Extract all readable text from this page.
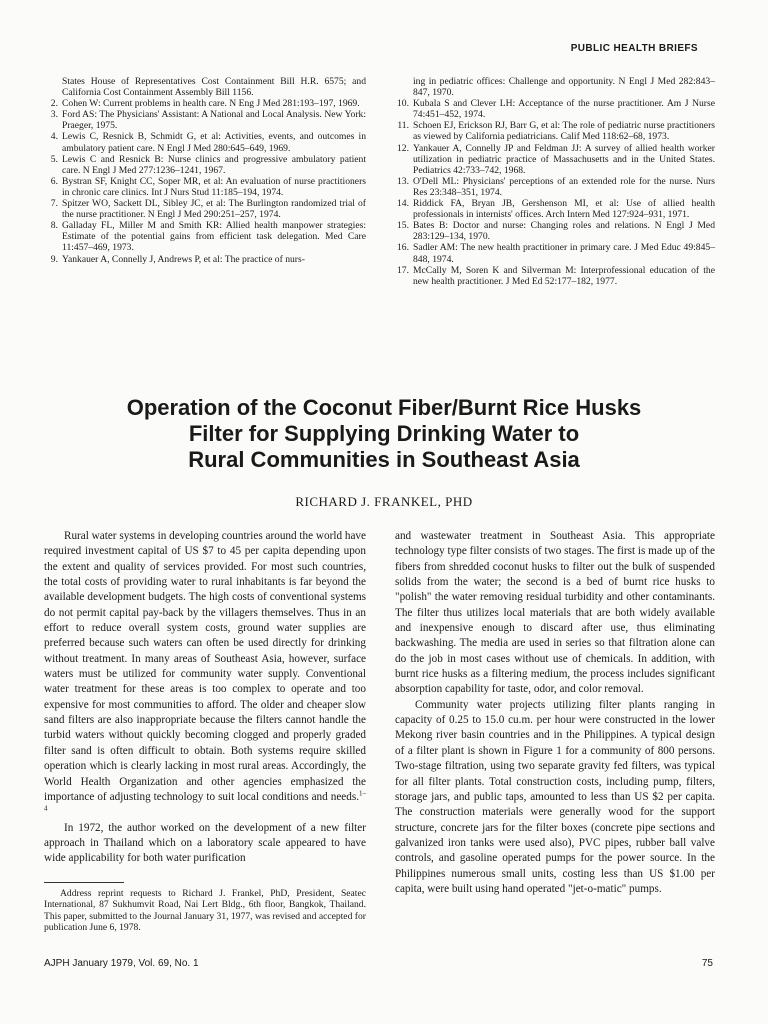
PUBLIC HEALTH BRIEFS
States House of Representatives Cost Containment Bill H.R. 6575; and California Cost Containment Assembly Bill 1156.
2. Cohen W: Current problems in health care. N Eng J Med 281:193–197, 1969.
3. Ford AS: The Physicians' Assistant: A National and Local Analysis. New York: Praeger, 1975.
4. Lewis C, Resnick B, Schmidt G, et al: Activities, events, and outcomes in ambulatory patient care. N Engl J Med 280:645–649, 1969.
5. Lewis C and Resnick B: Nurse clinics and progressive ambulatory patient care. N Engl J Med 277:1236–1241, 1967.
6. Bystran SF, Knight CC, Soper MR, et al: An evaluation of nurse practitioners in chronic care clinics. Int J Nurs Stud 11:185–194, 1974.
7. Spitzer WO, Sackett DL, Sibley JC, et al: The Burlington randomized trial of the nurse practitioner. N Engl J Med 290:251–257, 1974.
8. Galladay FL, Miller M and Smith KR: Allied health manpower strategies: Estimate of the potential gains from efficient task delegation. Med Care 11:457–469, 1973.
9. Yankauer A, Connelly J, Andrews P, et al: The practice of nurs-
ing in pediatric offices: Challenge and opportunity. N Engl J Med 282:843–847, 1970.
10. Kubala S and Clever LH: Acceptance of the nurse practitioner. Am J Nurse 74:451–452, 1974.
11. Schoen EJ, Erickson RJ, Barr G, et al: The role of pediatric nurse practitioners as viewed by California pediatricians. Calif Med 118:62–68, 1973.
12. Yankauer A, Connelly JP and Feldman JJ: A survey of allied health worker utilization in pediatric practice of Massachusetts and in the United States. Pediatrics 42:733–742, 1968.
13. O'Dell ML: Physicians' perceptions of an extended role for the nurse. Nurs Res 23:348–351, 1974.
14. Riddick FA, Bryan JB, Gershenson MI, et al: Use of allied health professionals in internists' offices. Arch Intern Med 127:924–931, 1971.
15. Bates B: Doctor and nurse: Changing roles and relations. N Engl J Med 283:129–134, 1970.
16. Sadler AM: The new health practitioner in primary care. J Med Educ 49:845–848, 1974.
17. McCally M, Soren K and Silverman M: Interprofessional education of the new health practitioner. J Med Ed 52:177–182, 1977.
Operation of the Coconut Fiber/Burnt Rice Husks
Filter for Supplying Drinking Water to
Rural Communities in Southeast Asia
RICHARD J. FRANKEL, PHD

Rural water systems in developing countries around the world have required investment capital of US $7 to 45 per capita depending upon the extent and quality of services provided. For most such countries, the total costs of providing water to rural inhabitants is far beyond the available development budgets. The high costs of conventional systems do not permit capital pay-back by the villagers themselves. Thus in an effort to reduce overall system costs, ground water supplies are preferred because such waters can often be used directly for drinking without treatment. In many areas of Southeast Asia, however, surface waters must be utilized for community water supply. Conventional water treatment for these areas is too complex to operate and too expensive for most communities to afford. The older and cheaper slow sand filters are also inappropriate because the filters cannot handle the turbid waters without quickly becoming clogged and properly graded filter sand is often difficult to obtain. Both systems require skilled operation which is clearly lacking in most rural areas. Accordingly, the World Health Organization and other agencies emphasized the importance of adjusting technology to suit local conditions and needs.$^{1-4}$

In 1972, the author worked on the development of a new filter approach in Thailand which on a laboratory scale appeared to have wide applicability for both water purification

and wastewater treatment in Southeast Asia. This appropriate technology type filter consists of two stages. The first is made up of the fibers from shredded coconut husks to filter out the bulk of suspended solids from the water; the second is a bed of burnt rice husks to "polish" the water removing residual turbidity and other contaminants. The filter thus utilizes local materials that are both widely available and inexpensive enough to discard after use, thus eliminating backwashing. The media are used in series so that filtration alone can do the job in most cases without use of chemicals. In addition, with burnt rice husks as a filtering medium, the process includes significant absorption capability for taste, odor, and color removal.

Community water projects utilizing filter plants ranging in capacity of 0.25 to 15.0 cu.m. per hour were constructed in the lower Mekong river basin countries and in the Philippines. A typical design of a filter plant is shown in Figure 1 for a community of 800 persons. Two-stage filtration, using two separate gravity fed filters, was typical for all filter plants. Total construction costs, including pump, filters, storage jars, and public taps, amounted to less than US $2 per capita. The construction materials were generally wood for the support structure, concrete jars for the filter boxes (concrete pipe sections and galvanized iron tanks were used also), PVC pipes, rubber ball valve controls, and gasoline operated pumps for the power source. In the Philippines numerous small units, costing less than US $1.00 per capita, were built using hand operated "jet-o-matic" pumps.

Address reprint requests to Richard J. Frankel, PhD, President, Seatec International, 87 Sukhumvit Road, Nai Lert Bldg., 6th floor, Bangkok, Thailand. This paper, submitted to the Journal January 31, 1977, was revised and accepted for publication June 6, 1978.

AJPH January 1979, Vol. 69, No. 1	75
